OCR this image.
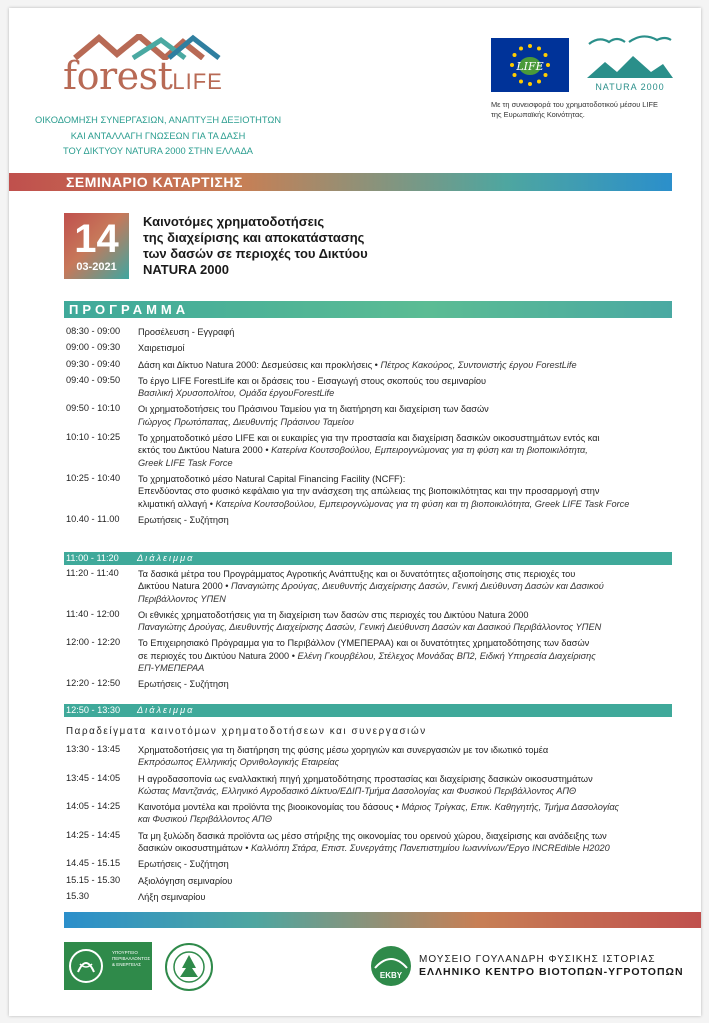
forestLIFE
ΟΙΚΟΔΟΜΗΣΗ ΣΥΝΕΡΓΑΣΙΩΝ, ΑΝΑΠΤΥΞΗ ΔΕΞΙΟΤΗΤΩΝ
ΚΑΙ ΑΝΤΑΛΛΑΓΗ ΓΝΩΣΕΩΝ ΓΙΑ ΤΑ ΔΑΣΗ
ΤΟΥ ΔΙΚΤΥΟΥ NATURA 2000 ΣΤΗΝ ΕΛΛΑΔΑ
LIFE
NATURA 2000
Με τη συνεισφορά του χρηματοδοτικού μέσου LIFE
της Ευρωπαϊκής Κοινότητας.
ΣΕΜΙΝΑΡΙΟ ΚΑΤΑΡΤΙΣΗΣ
14
03-2021
Καινοτόμες χρηματοδοτήσεις
της διαχείρισης και αποκατάστασης
των δασών σε περιοχές του Δικτύου
NATURA 2000
ΠΡΟΓΡΑΜΜΑ
08:30 - 09:00	Προσέλευση - Εγγραφή
09:00 - 09:30	Χαιρετισμοί
09:30 - 09:40	Δάση και Δίκτυο Natura 2000: Δεσμεύσεις και προκλήσεις • Πέτρος Κακούρος, Συντονιστής έργου ForestLife
09:40 - 09:50	Το έργο LIFE ForestLife και οι δράσεις του - Εισαγωγή στους σκοπούς του σεμιναρίου
Βασιλική Χρυσοπολίτου, Ομάδα έργουForestLife
09:50 - 10:10	Οι χρηματοδοτήσεις του Πράσινου Ταμείου για τη διατήρηση και διαχείριση των δασών
Γιώργος Πρωτόπαπας, Διευθυντής Πράσινου Ταμείου
10:10 - 10:25	Το χρηματοδοτικό μέσο LIFE και οι ευκαιρίες για την προστασία και διαχείριση δασικών οικοσυστημάτων εντός και
εκτός του Δικτύου Natura 2000 • Κατερίνα Κουτσοβούλου, Εμπειρογνώμονας για τη φύση και τη βιοποικιλότητα,
Greek LIFE Task Force
10:25 - 10:40	Το χρηματοδοτικό μέσο Natural Capital Financing Facility (NCFF):
Επενδύοντας στο φυσικό κεφάλαιο για την ανάσχεση της απώλειας της βιοποικιλότητας και την προσαρμογή στην
κλιματική αλλαγή • Κατερίνα Κουτσοβούλου, Εμπειρογνώμονας για τη φύση και τη βιοποικιλότητα, Greek LIFE Task Force
10.40 - 11.00	Ερωτήσεις - Συζήτηση
11:00 - 11:20 Διάλειμμα
11:20 - 11:40	Τα δασικά μέτρα του Προγράμματος Αγροτικής Ανάπτυξης και οι δυνατότητες αξιοποίησης στις περιοχές του
Δικτύου Natura 2000 • Παναγιώτης Δρούγας, Διευθυντής Διαχείρισης Δασών, Γενική Διεύθυνση Δασών και Δασικού
Περιβάλλοντος ΥΠΕΝ
11:40 - 12:00	Οι εθνικές χρηματοδοτήσεις για τη διαχείριση των δασών στις περιοχές του Δικτύου Natura 2000
Παναγιώτης Δρούγας, Διευθυντής Διαχείρισης Δασών, Γενική Διεύθυνση Δασών και Δασικού Περιβάλλοντος ΥΠΕΝ
12:00 - 12:20	Το Επιχειρησιακό Πρόγραμμα για το Περιβάλλον (ΥΜΕΠΕΡΑΑ) και οι δυνατότητες χρηματοδότησης των δασών
σε περιοχές του Δικτύου Natura 2000 • Ελένη Γκουρβέλου, Στέλεχος Μονάδας ΒΠ2, Ειδική Υπηρεσία Διαχείρισης
ΕΠ-ΥΜΕΠΕΡΑΑ
12:20 - 12:50	Ερωτήσεις - Συζήτηση
12:50 - 13:30 Διάλειμμα
Παραδείγματα καινοτόμων χρηματοδοτήσεων και συνεργασιών
13:30 - 13:45	Χρηματοδοτήσεις για τη διατήρηση της φύσης μέσω χορηγιών και συνεργασιών με τον ιδιωτικό τομέα
Εκπρόσωπος Ελληνικής Ορνιθολογικής Εταιρείας
13:45 - 14:05	Η αγροδασοπονία ως εναλλακτική πηγή χρηματοδότησης προστασίας και διαχείρισης δασικών οικοσυστημάτων
Κώστας Μαντζανάς, Ελληνικό Αγροδασικό Δίκτυο/ΕΔΙΠ-Τμήμα Δασολογίας και Φυσικού Περιβάλλοντος ΑΠΘ
14:05 - 14:25	Καινοτόμα μοντέλα και προϊόντα της βιοοικονομίας του δάσους • Μάριος Τρίγκας, Επικ. Καθηγητής, Τμήμα Δασολογίας
και Φυσικού Περιβάλλοντος ΑΠΘ
14:25 - 14:45	Τα μη ξυλώδη δασικά προϊόντα ως μέσο στήριξης της οικονομίας του ορεινού χώρου, διαχείρισης και ανάδειξης των
δασικών οικοσυστημάτων • Καλλιόπη Στάρα, Επιστ. Συνεργάτης Πανεπιστημίου Ιωαννίνων/Έργο INCREdible H2020
14.45 - 15.15	Ερωτήσεις - Συζήτηση
15.15 - 15.30	Αξιολόγηση σεμιναρίου
15.30	Λήξη σεμιναρίου
ΥΠΟΥΡΓΕΙΟ
ΠΕΡΙΒΑΛΛΟΝΤΟΣ
& ΕΝΕΡΓΕΙΑΣ
ΕΚΒΥ
ΜΟΥΣΕΙΟ ΓΟΥΛΑΝΔΡΗ ΦΥΣΙΚΗΣ ΙΣΤΟΡΙΑΣ
ΕΛΛΗΝΙΚΟ ΚΕΝΤΡΟ ΒΙΟΤΟΠΩΝ-ΥΓΡΟΤΟΠΩΝ
